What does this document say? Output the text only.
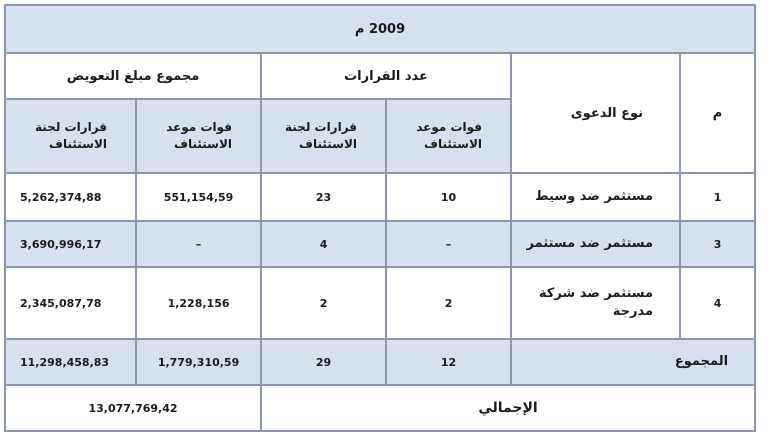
2009 م					
م	نوع الدعوى	عدد القرارات		مجموع مبلغ التعويض	
		فوات موعد الاستئناف	قرارات لجنة الاستئناف	فوات موعد الاستئناف	قرارات لجنة الاستئناف
1	مستثمر ضد وسيط	10	23	551,154,59	5,262,374,88
3	مستثمر ضد مستثمر	–	4	–	3,690,996,17
4	مستثمر ضد شركة مدرجة	2	2	1,228,156	2,345,087,78
المجموع		12	29	1,779,310,59	11,298,458,83
الإجمالي				13,077,769,42	
